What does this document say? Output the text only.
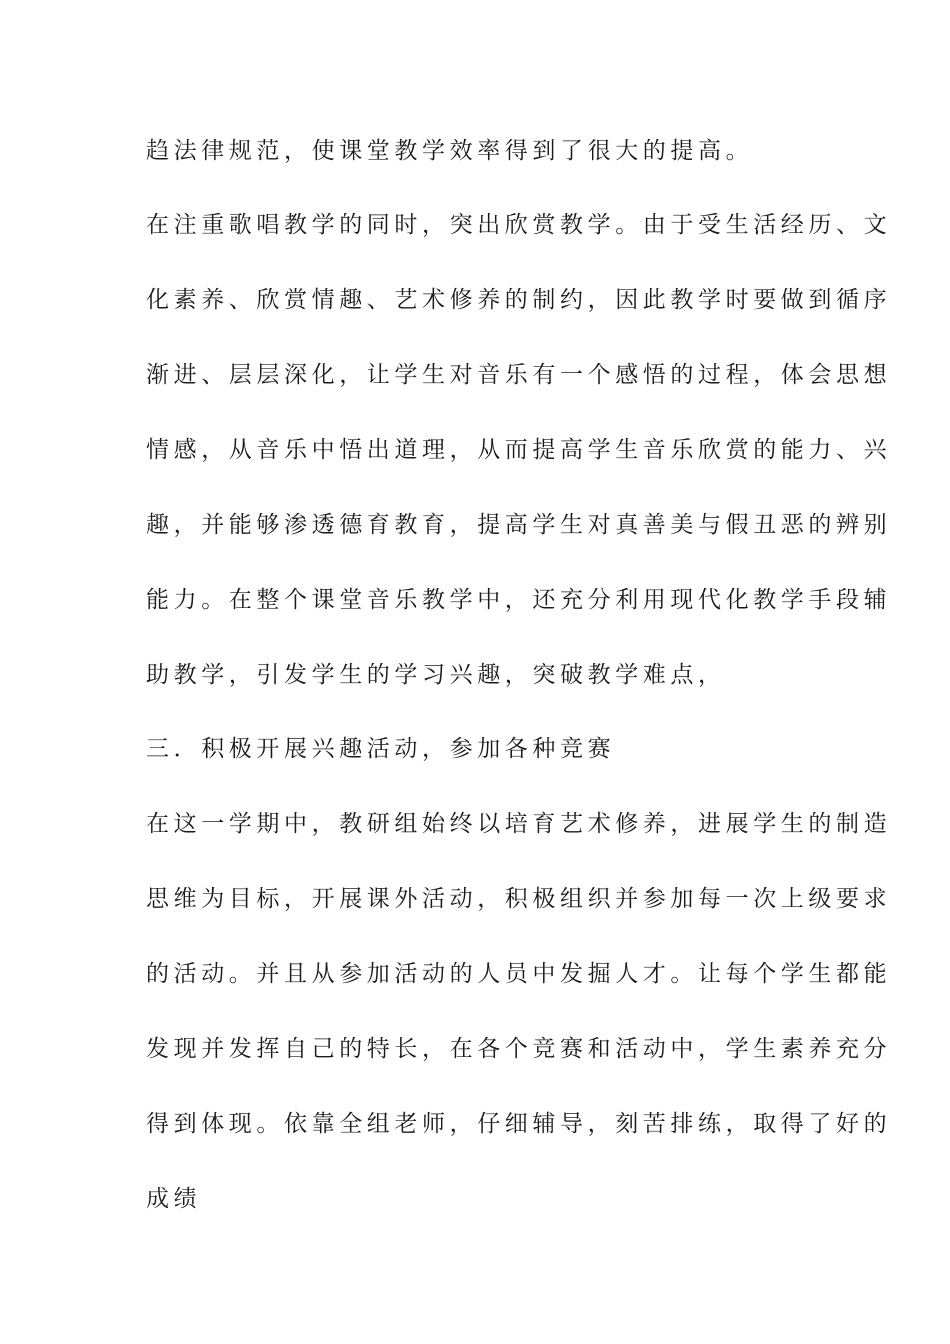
趋法律规范，使课堂教学效率得到了很大的提高。

在注重歌唱教学的同时，突出欣赏教学。由于受生活经历、文

化素养、欣赏情趣、艺术修养的制约，因此教学时要做到循序

渐进、层层深化，让学生对音乐有一个感悟的过程，体会思想

情感，从音乐中悟出道理，从而提高学生音乐欣赏的能力、兴

趣，并能够渗透德育教育，提高学生对真善美与假丑恶的辨别

能力。在整个课堂音乐教学中，还充分利用现代化教学手段辅

助教学，引发学生的学习兴趣，突破教学难点，

三．积极开展兴趣活动，参加各种竞赛

在这一学期中，教研组始终以培育艺术修养，进展学生的制造

思维为目标，开展课外活动，积极组织并参加每一次上级要求

的活动。并且从参加活动的人员中发掘人才。让每个学生都能

发现并发挥自己的特长，在各个竞赛和活动中，学生素养充分

得到体现。依靠全组老师，仔细辅导，刻苦排练，取得了好的

成绩
